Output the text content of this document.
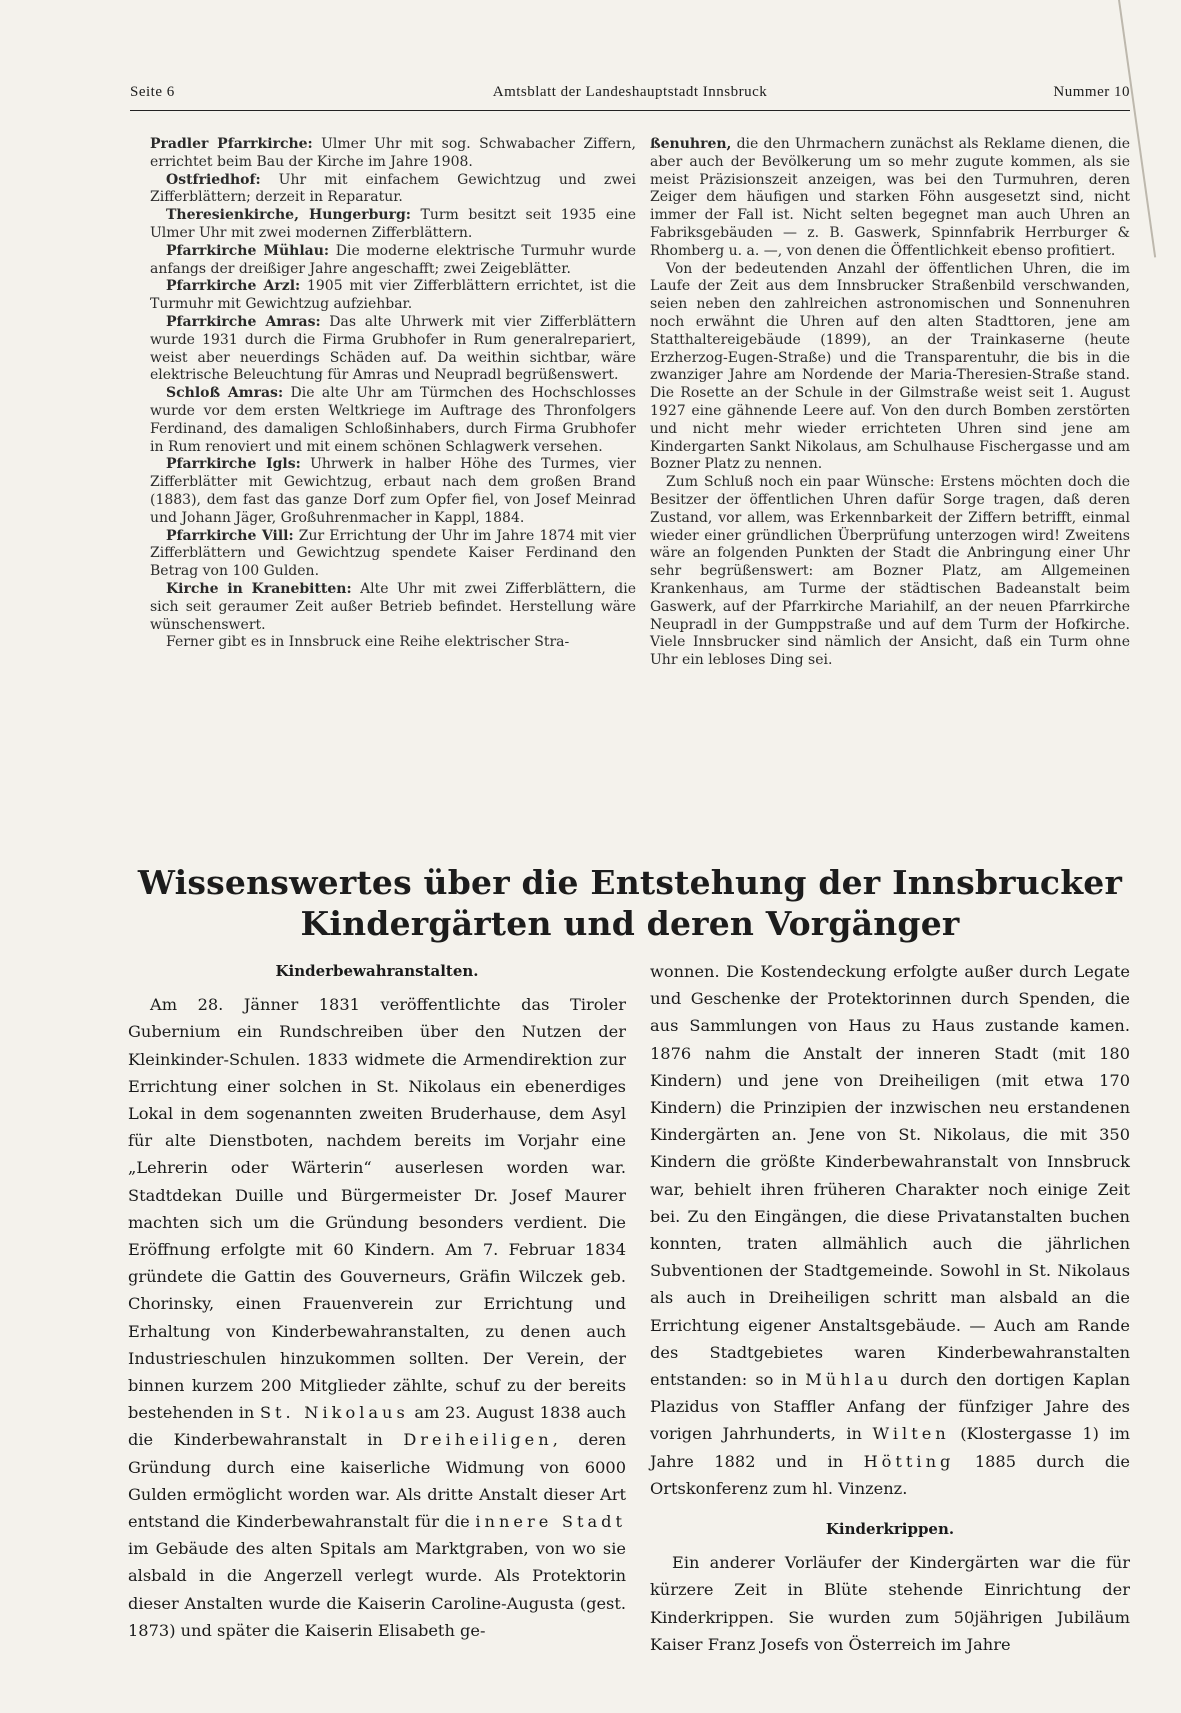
Seite 6	Amtsblatt der Landeshauptstadt Innsbruck	Nummer 10

Pradler Pfarrkirche: Ulmer Uhr mit sog. Schwabacher Ziffern, errichtet beim Bau der Kirche im Jahre 1908.

Ostfriedhof: Uhr mit einfachem Gewichtzug und zwei Zifferblättern; derzeit in Reparatur.

Theresienkirche, Hungerburg: Turm besitzt seit 1935 eine Ulmer Uhr mit zwei modernen Zifferblättern.

Pfarrkirche Mühlau: Die moderne elektrische Turmuhr wurde anfangs der dreißiger Jahre angeschafft; zwei Zeigeblätter.

Pfarrkirche Arzl: 1905 mit vier Zifferblättern errichtet, ist die Turmuhr mit Gewichtzug aufziehbar.

Pfarrkirche Amras: Das alte Uhrwerk mit vier Zifferblättern wurde 1931 durch die Firma Grubhofer in Rum generalrepariert, weist aber neuerdings Schäden auf. Da weithin sichtbar, wäre elektrische Beleuchtung für Amras und Neupradl begrüßenswert.

Schloß Amras: Die alte Uhr am Türmchen des Hochschlosses wurde vor dem ersten Weltkriege im Auftrage des Thronfolgers Ferdinand, des damaligen Schloßinhabers, durch Firma Grubhofer in Rum renoviert und mit einem schönen Schlagwerk versehen.

Pfarrkirche Igls: Uhrwerk in halber Höhe des Turmes, vier Zifferblätter mit Gewichtzug, erbaut nach dem großen Brand (1883), dem fast das ganze Dorf zum Opfer fiel, von Josef Meinrad und Johann Jäger, Großuhrenmacher in Kappl, 1884.

Pfarrkirche Vill: Zur Errichtung der Uhr im Jahre 1874 mit vier Zifferblättern und Gewichtzug spendete Kaiser Ferdinand den Betrag von 100 Gulden.

Kirche in Kranebitten: Alte Uhr mit zwei Zifferblättern, die sich seit geraumer Zeit außer Betrieb befindet. Herstellung wäre wünschenswert.

Ferner gibt es in Innsbruck eine Reihe elektrischer Stra-

ßenuhren, die den Uhrmachern zunächst als Reklame dienen, die aber auch der Bevölkerung um so mehr zugute kommen, als sie meist Präzisionszeit anzeigen, was bei den Turmuhren, deren Zeiger dem häufigen und starken Föhn ausgesetzt sind, nicht immer der Fall ist. Nicht selten begegnet man auch Uhren an Fabriksgebäuden — z. B. Gaswerk, Spinnfabrik Herrburger & Rhomberg u. a. —, von denen die Öffentlichkeit ebenso profitiert.

Von der bedeutenden Anzahl der öffentlichen Uhren, die im Laufe der Zeit aus dem Innsbrucker Straßenbild verschwanden, seien neben den zahlreichen astronomischen und Sonnenuhren noch erwähnt die Uhren auf den alten Stadttoren, jene am Statthaltereigebäude (1899), an der Trainkaserne (heute Erzherzog-Eugen-Straße) und die Transparentuhr, die bis in die zwanziger Jahre am Nordende der Maria-Theresien-Straße stand. Die Rosette an der Schule in der Gilmstraße weist seit 1. August 1927 eine gähnende Leere auf. Von den durch Bomben zerstörten und nicht mehr wieder errichteten Uhren sind jene am Kindergarten Sankt Nikolaus, am Schulhause Fischergasse und am Bozner Platz zu nennen.

Zum Schluß noch ein paar Wünsche: Erstens möchten doch die Besitzer der öffentlichen Uhren dafür Sorge tragen, daß deren Zustand, vor allem, was Erkennbarkeit der Ziffern betrifft, einmal wieder einer gründlichen Überprüfung unterzogen wird! Zweitens wäre an folgenden Punkten der Stadt die Anbringung einer Uhr sehr begrüßenswert: am Bozner Platz, am Allgemeinen Krankenhaus, am Turme der städtischen Badeanstalt beim Gaswerk, auf der Pfarrkirche Mariahilf, an der neuen Pfarrkirche Neupradl in der Gumppstraße und auf dem Turm der Hofkirche. Viele Innsbrucker sind nämlich der Ansicht, daß ein Turm ohne Uhr ein lebloses Ding sei.

Wissenswertes über die Entstehung der Innsbrucker Kindergärten und deren Vorgänger

Kinderbewahranstalten.

Am 28. Jänner 1831 veröffentlichte das Tiroler Gubernium ein Rundschreiben über den Nutzen der Kleinkinder-Schulen. 1833 widmete die Armendirektion zur Errichtung einer solchen in St. Nikolaus ein ebenerdiges Lokal in dem sogenannten zweiten Bruderhause, dem Asyl für alte Dienstboten, nachdem bereits im Vorjahr eine „Lehrerin oder Wärterin“ auserlesen worden war. Stadtdekan Duille und Bürgermeister Dr. Josef Maurer machten sich um die Gründung besonders verdient. Die Eröffnung erfolgte mit 60 Kindern. Am 7. Februar 1834 gründete die Gattin des Gouverneurs, Gräfin Wilczek geb. Chorinsky, einen Frauenverein zur Errichtung und Erhaltung von Kinderbewahranstalten, zu denen auch Industrieschulen hinzukommen sollten. Der Verein, der binnen kurzem 200 Mitglieder zählte, schuf zu der bereits bestehenden in St. Nikolaus am 23. August 1838 auch die Kinderbewahranstalt in Dreiheiligen, deren Gründung durch eine kaiserliche Widmung von 6000 Gulden ermöglicht worden war. Als dritte Anstalt dieser Art entstand die Kinderbewahranstalt für die innere Stadt im Gebäude des alten Spitals am Marktgraben, von wo sie alsbald in die Angerzell verlegt wurde. Als Protektorin dieser Anstalten wurde die Kaiserin Caroline-Augusta (gest. 1873) und später die Kaiserin Elisabeth ge-

wonnen. Die Kostendeckung erfolgte außer durch Legate und Geschenke der Protektorinnen durch Spenden, die aus Sammlungen von Haus zu Haus zustande kamen. 1876 nahm die Anstalt der inneren Stadt (mit 180 Kindern) und jene von Dreiheiligen (mit etwa 170 Kindern) die Prinzipien der inzwischen neu erstandenen Kindergärten an. Jene von St. Nikolaus, die mit 350 Kindern die größte Kinderbewahranstalt von Innsbruck war, behielt ihren früheren Charakter noch einige Zeit bei. Zu den Eingängen, die diese Privatanstalten buchen konnten, traten allmählich auch die jährlichen Subventionen der Stadtgemeinde. Sowohl in St. Nikolaus als auch in Dreiheiligen schritt man alsbald an die Errichtung eigener Anstaltsgebäude. — Auch am Rande des Stadtgebietes waren Kinderbewahranstalten entstanden: so in Mühlau durch den dortigen Kaplan Plazidus von Staffler Anfang der fünfziger Jahre des vorigen Jahrhunderts, in Wilten (Klostergasse 1) im Jahre 1882 und in Hötting 1885 durch die Ortskonferenz zum hl. Vinzenz.

Kinderkrippen.

Ein anderer Vorläufer der Kindergärten war die für kürzere Zeit in Blüte stehende Einrichtung der Kinderkrippen. Sie wurden zum 50jährigen Jubiläum Kaiser Franz Josefs von Österreich im Jahre
